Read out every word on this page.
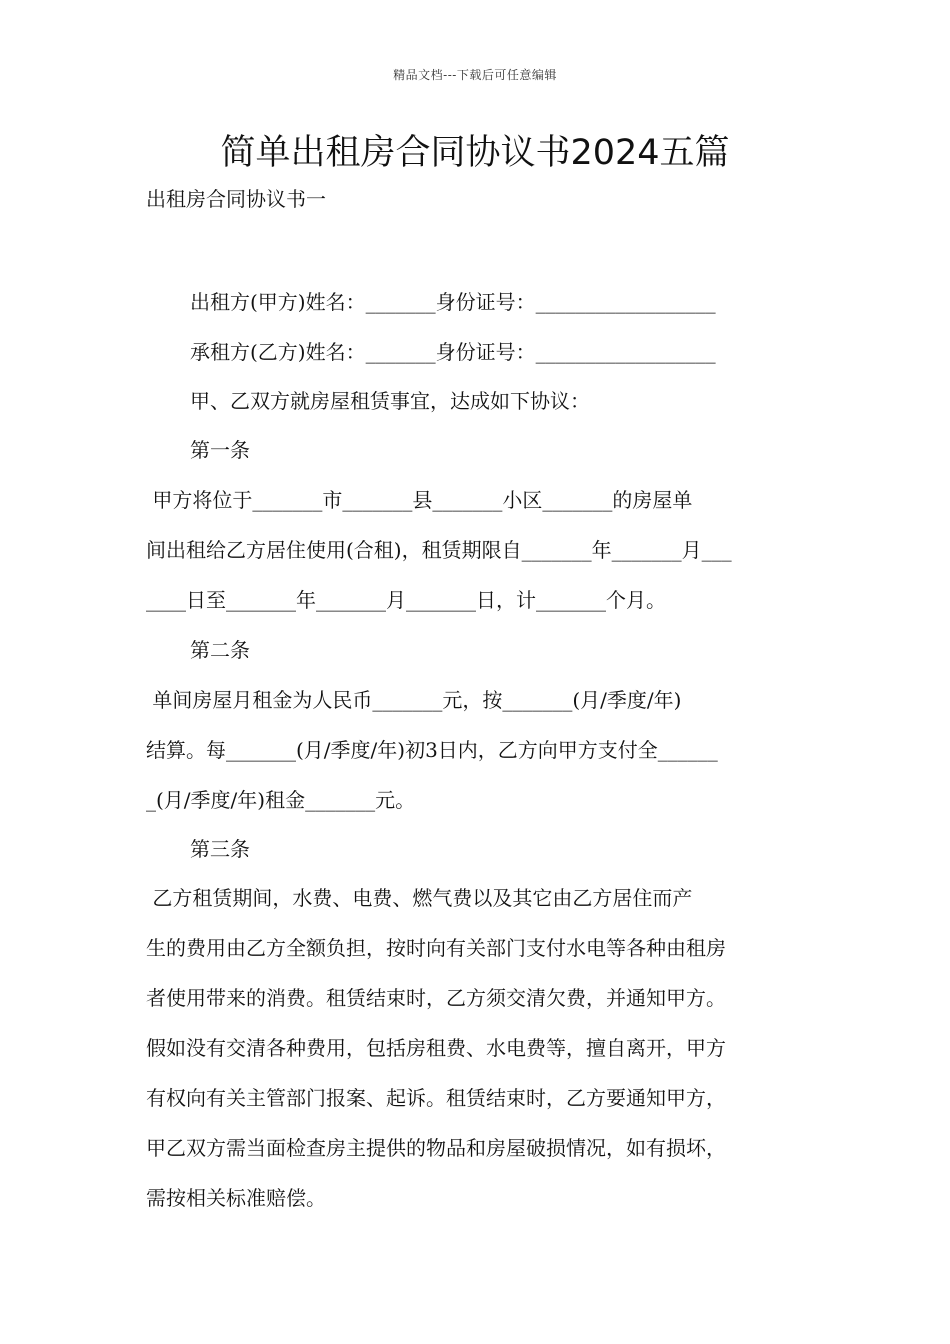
精品文档---下载后可任意编辑
简单出租房合同协议书2024五篇

出租房合同协议书一

出租方(甲方)姓名：_______身份证号：__________________

承租方(乙方)姓名：_______身份证号：__________________

甲、乙双方就房屋租赁事宜，达成如下协议：

第一条

甲方将位于_______市_______县_______小区_______的房屋单
间出租给乙方居住使用(合租)，租赁期限自_______年_______月___
____日至_______年_______月_______日，计_______个月。

第二条

单间房屋月租金为人民币_______元，按_______(月/季度/年)
结算。每_______(月/季度/年)初3日内，乙方向甲方支付全______
_(月/季度/年)租金_______元。

第三条

乙方租赁期间，水费、电费、燃气费以及其它由乙方居住而产
生的费用由乙方全额负担，按时向有关部门支付水电等各种由租房
者使用带来的消费。租赁结束时，乙方须交清欠费，并通知甲方。
假如没有交清各种费用，包括房租费、水电费等，擅自离开，甲方
有权向有关主管部门报案、起诉。租赁结束时，乙方要通知甲方，
甲乙双方需当面检查房主提供的物品和房屋破损情况，如有损坏，
需按相关标准赔偿。
